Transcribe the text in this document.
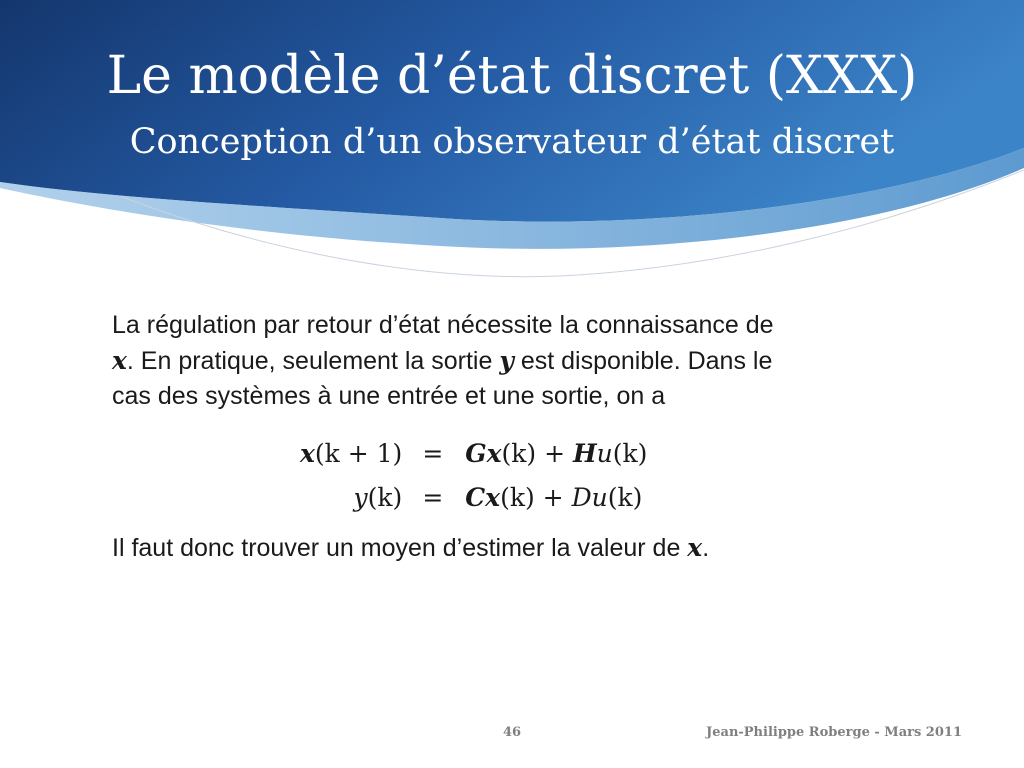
Le modèle d’état discret (XXX)
Conception d’un observateur d’état discret

La régulation par retour d’état nécessite la connaissance de
x. En pratique, seulement la sortie y est disponible. Dans le
cas des systèmes à une entrée et une sortie, on a

x(k + 1)	=	Gx(k) + Hu(k)
y(k)	=	Cx(k) + Du(k)

Il faut donc trouver un moyen d’estimer la valeur de x.

46	Jean-Philippe Roberge - Mars 2011
